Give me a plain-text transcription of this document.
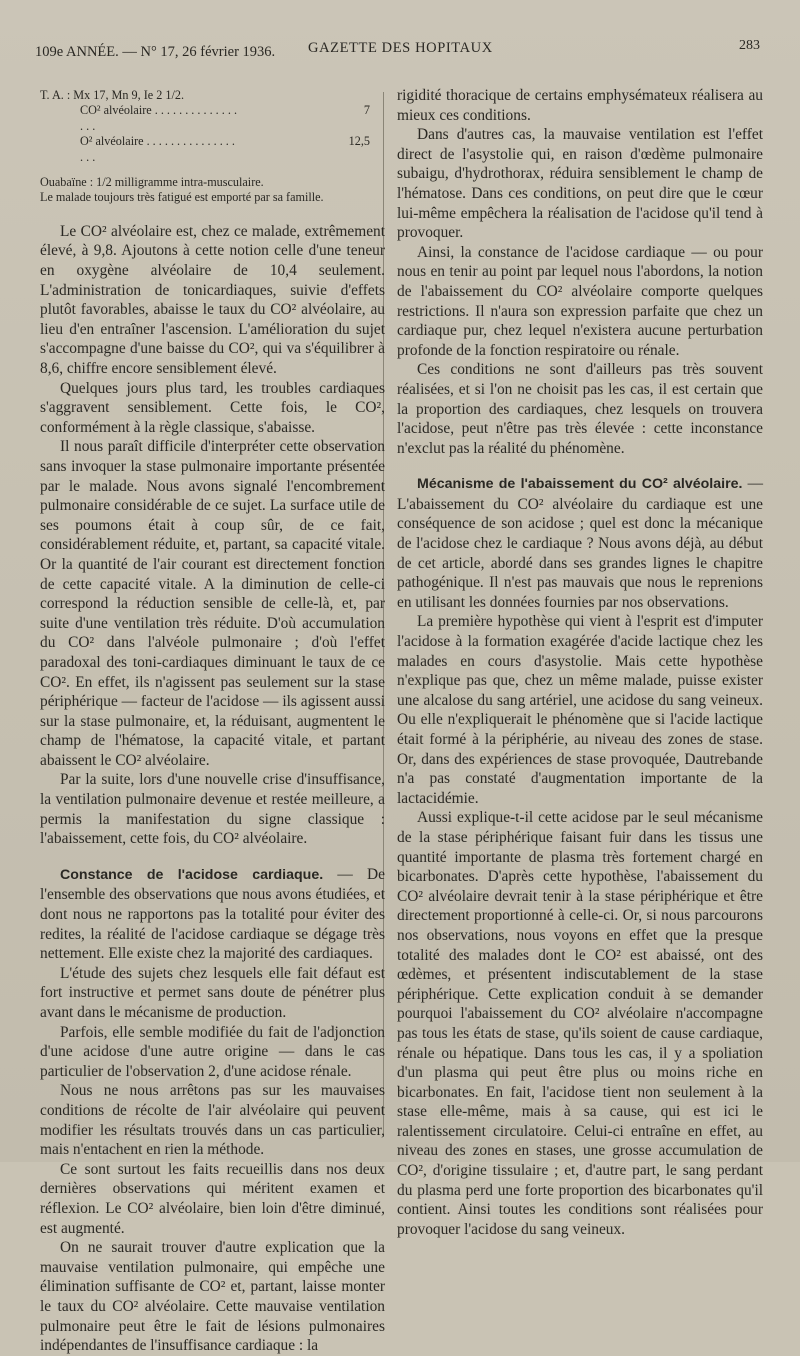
109e ANNÉE. — N° 17, 26 février 1936. GAZETTE DES HOPITAUX	283

T. A. : Mx 17, Mn 9, Ie 2 1/2.

CO² alvéolaire . . . . . . . . . . . . . . . . .
7
O² alvéolaire . . . . . . . . . . . . . . . . . .
12,5

Ouabaïne : 1/2 milligramme intra-musculaire.

Le malade toujours très fatigué est emporté par sa famille.

Le CO² alvéolaire est, chez ce malade, extrêmement élevé, à 9,8. Ajoutons à cette notion celle d'une teneur en oxygène alvéolaire de 10,4 seulement. L'administration de tonicardiaques, suivie d'effets plutôt favorables, abaisse le taux du CO² alvéolaire, au lieu d'en entraîner l'ascension. L'amélioration du sujet s'accompagne d'une baisse du CO², qui va s'équilibrer à 8,6, chiffre encore sensiblement élevé.

Quelques jours plus tard, les troubles cardiaques s'aggravent sensiblement. Cette fois, le CO², conformément à la règle classique, s'abaisse.

Il nous paraît difficile d'interpréter cette observation sans invoquer la stase pulmonaire importante présentée par le malade. Nous avons signalé l'encombrement pulmonaire considérable de ce sujet. La surface utile de ses poumons était à coup sûr, de ce fait, considérablement réduite, et, partant, sa capacité vitale. Or la quantité de l'air courant est directement fonction de cette capacité vitale. A la diminution de celle-ci correspond la réduction sensible de celle-là, et, par suite d'une ventilation très réduite. D'où accumulation du CO² dans l'alvéole pulmonaire ; d'où l'effet paradoxal des toni-cardiaques diminuant le taux de ce CO². En effet, ils n'agissent pas seulement sur la stase périphérique — facteur de l'acidose — ils agissent aussi sur la stase pulmonaire, et, la réduisant, augmentent le champ de l'hématose, la capacité vitale, et partant abaissent le CO² alvéolaire.

Par la suite, lors d'une nouvelle crise d'insuffisance, la ventilation pulmonaire devenue et restée meilleure, a permis la manifestation du signe classique : l'abaissement, cette fois, du CO² alvéolaire.

Constance de l'acidose cardiaque. — De l'ensemble des observations que nous avons étudiées, et dont nous ne rapportons pas la totalité pour éviter des redites, la réalité de l'acidose cardiaque se dégage très nettement. Elle existe chez la majorité des cardiaques.

L'étude des sujets chez lesquels elle fait défaut est fort instructive et permet sans doute de pénétrer plus avant dans le mécanisme de production.

Parfois, elle semble modifiée du fait de l'adjonction d'une acidose d'une autre origine — dans le cas particulier de l'observation 2, d'une acidose rénale.

Nous ne nous arrêtons pas sur les mauvaises conditions de récolte de l'air alvéolaire qui peuvent modifier les résultats trouvés dans un cas particulier, mais n'entachent en rien la méthode.

Ce sont surtout les faits recueillis dans nos deux dernières observations qui méritent examen et réflexion. Le CO² alvéolaire, bien loin d'être diminué, est augmenté.

On ne saurait trouver d'autre explication que la mauvaise ventilation pulmonaire, qui empêche une élimination suffisante de CO² et, partant, laisse monter le taux du CO² alvéolaire. Cette mauvaise ventilation pulmonaire peut être le fait de lésions pulmonaires indépendantes de l'insuffisance cardiaque : la

rigidité thoracique de certains emphysémateux réalisera au mieux ces conditions.

Dans d'autres cas, la mauvaise ventilation est l'effet direct de l'asystolie qui, en raison d'œdème pulmonaire subaigu, d'hydrothorax, réduira sensiblement le champ de l'hématose. Dans ces conditions, on peut dire que le cœur lui-même empêchera la réalisation de l'acidose qu'il tend à provoquer.

Ainsi, la constance de l'acidose cardiaque — ou pour nous en tenir au point par lequel nous l'abordons, la notion de l'abaissement du CO² alvéolaire comporte quelques restrictions. Il n'aura son expression parfaite que chez un cardiaque pur, chez lequel n'existera aucune perturbation profonde de la fonction respiratoire ou rénale.

Ces conditions ne sont d'ailleurs pas très souvent réalisées, et si l'on ne choisit pas les cas, il est certain que la proportion des cardiaques, chez lesquels on trouvera l'acidose, peut n'être pas très élevée : cette inconstance n'exclut pas la réalité du phénomène.

Mécanisme de l'abaissement du CO² alvéolaire. — L'abaissement du CO² alvéolaire du cardiaque est une conséquence de son acidose ; quel est donc la mécanique de l'acidose chez le cardiaque ? Nous avons déjà, au début de cet article, abordé dans ses grandes lignes le chapitre pathogénique. Il n'est pas mauvais que nous le reprenions en utilisant les données fournies par nos observations.

La première hypothèse qui vient à l'esprit est d'imputer l'acidose à la formation exagérée d'acide lactique chez les malades en cours d'asystolie. Mais cette hypothèse n'explique pas que, chez un même malade, puisse exister une alcalose du sang artériel, une acidose du sang veineux. Ou elle n'expliquerait le phénomène que si l'acide lactique était formé à la périphérie, au niveau des zones de stase. Or, dans des expériences de stase provoquée, Dautrebande n'a pas constaté d'augmentation importante de la lactacidémie.

Aussi explique-t-il cette acidose par le seul mécanisme de la stase périphérique faisant fuir dans les tissus une quantité importante de plasma très fortement chargé en bicarbonates. D'après cette hypothèse, l'abaissement du CO² alvéolaire devrait tenir à la stase périphérique et être directement proportionné à celle-ci. Or, si nous parcourons nos observations, nous voyons en effet que la presque totalité des malades dont le CO² est abaissé, ont des œdèmes, et présentent indiscutablement de la stase périphérique. Cette explication conduit à se demander pourquoi l'abaissement du CO² alvéolaire n'accompagne pas tous les états de stase, qu'ils soient de cause cardiaque, rénale ou hépatique. Dans tous les cas, il y a spoliation d'un plasma qui peut être plus ou moins riche en bicarbonates. En fait, l'acidose tient non seulement à la stase elle-même, mais à sa cause, qui est ici le ralentissement circulatoire. Celui-ci entraîne en effet, au niveau des zones en stases, une grosse accumulation de CO², d'origine tissulaire ; et, d'autre part, le sang perdant du plasma perd une forte proportion des bicarbonates qu'il contient. Ainsi toutes les conditions sont réalisées pour provoquer l'acidose du sang veineux.
